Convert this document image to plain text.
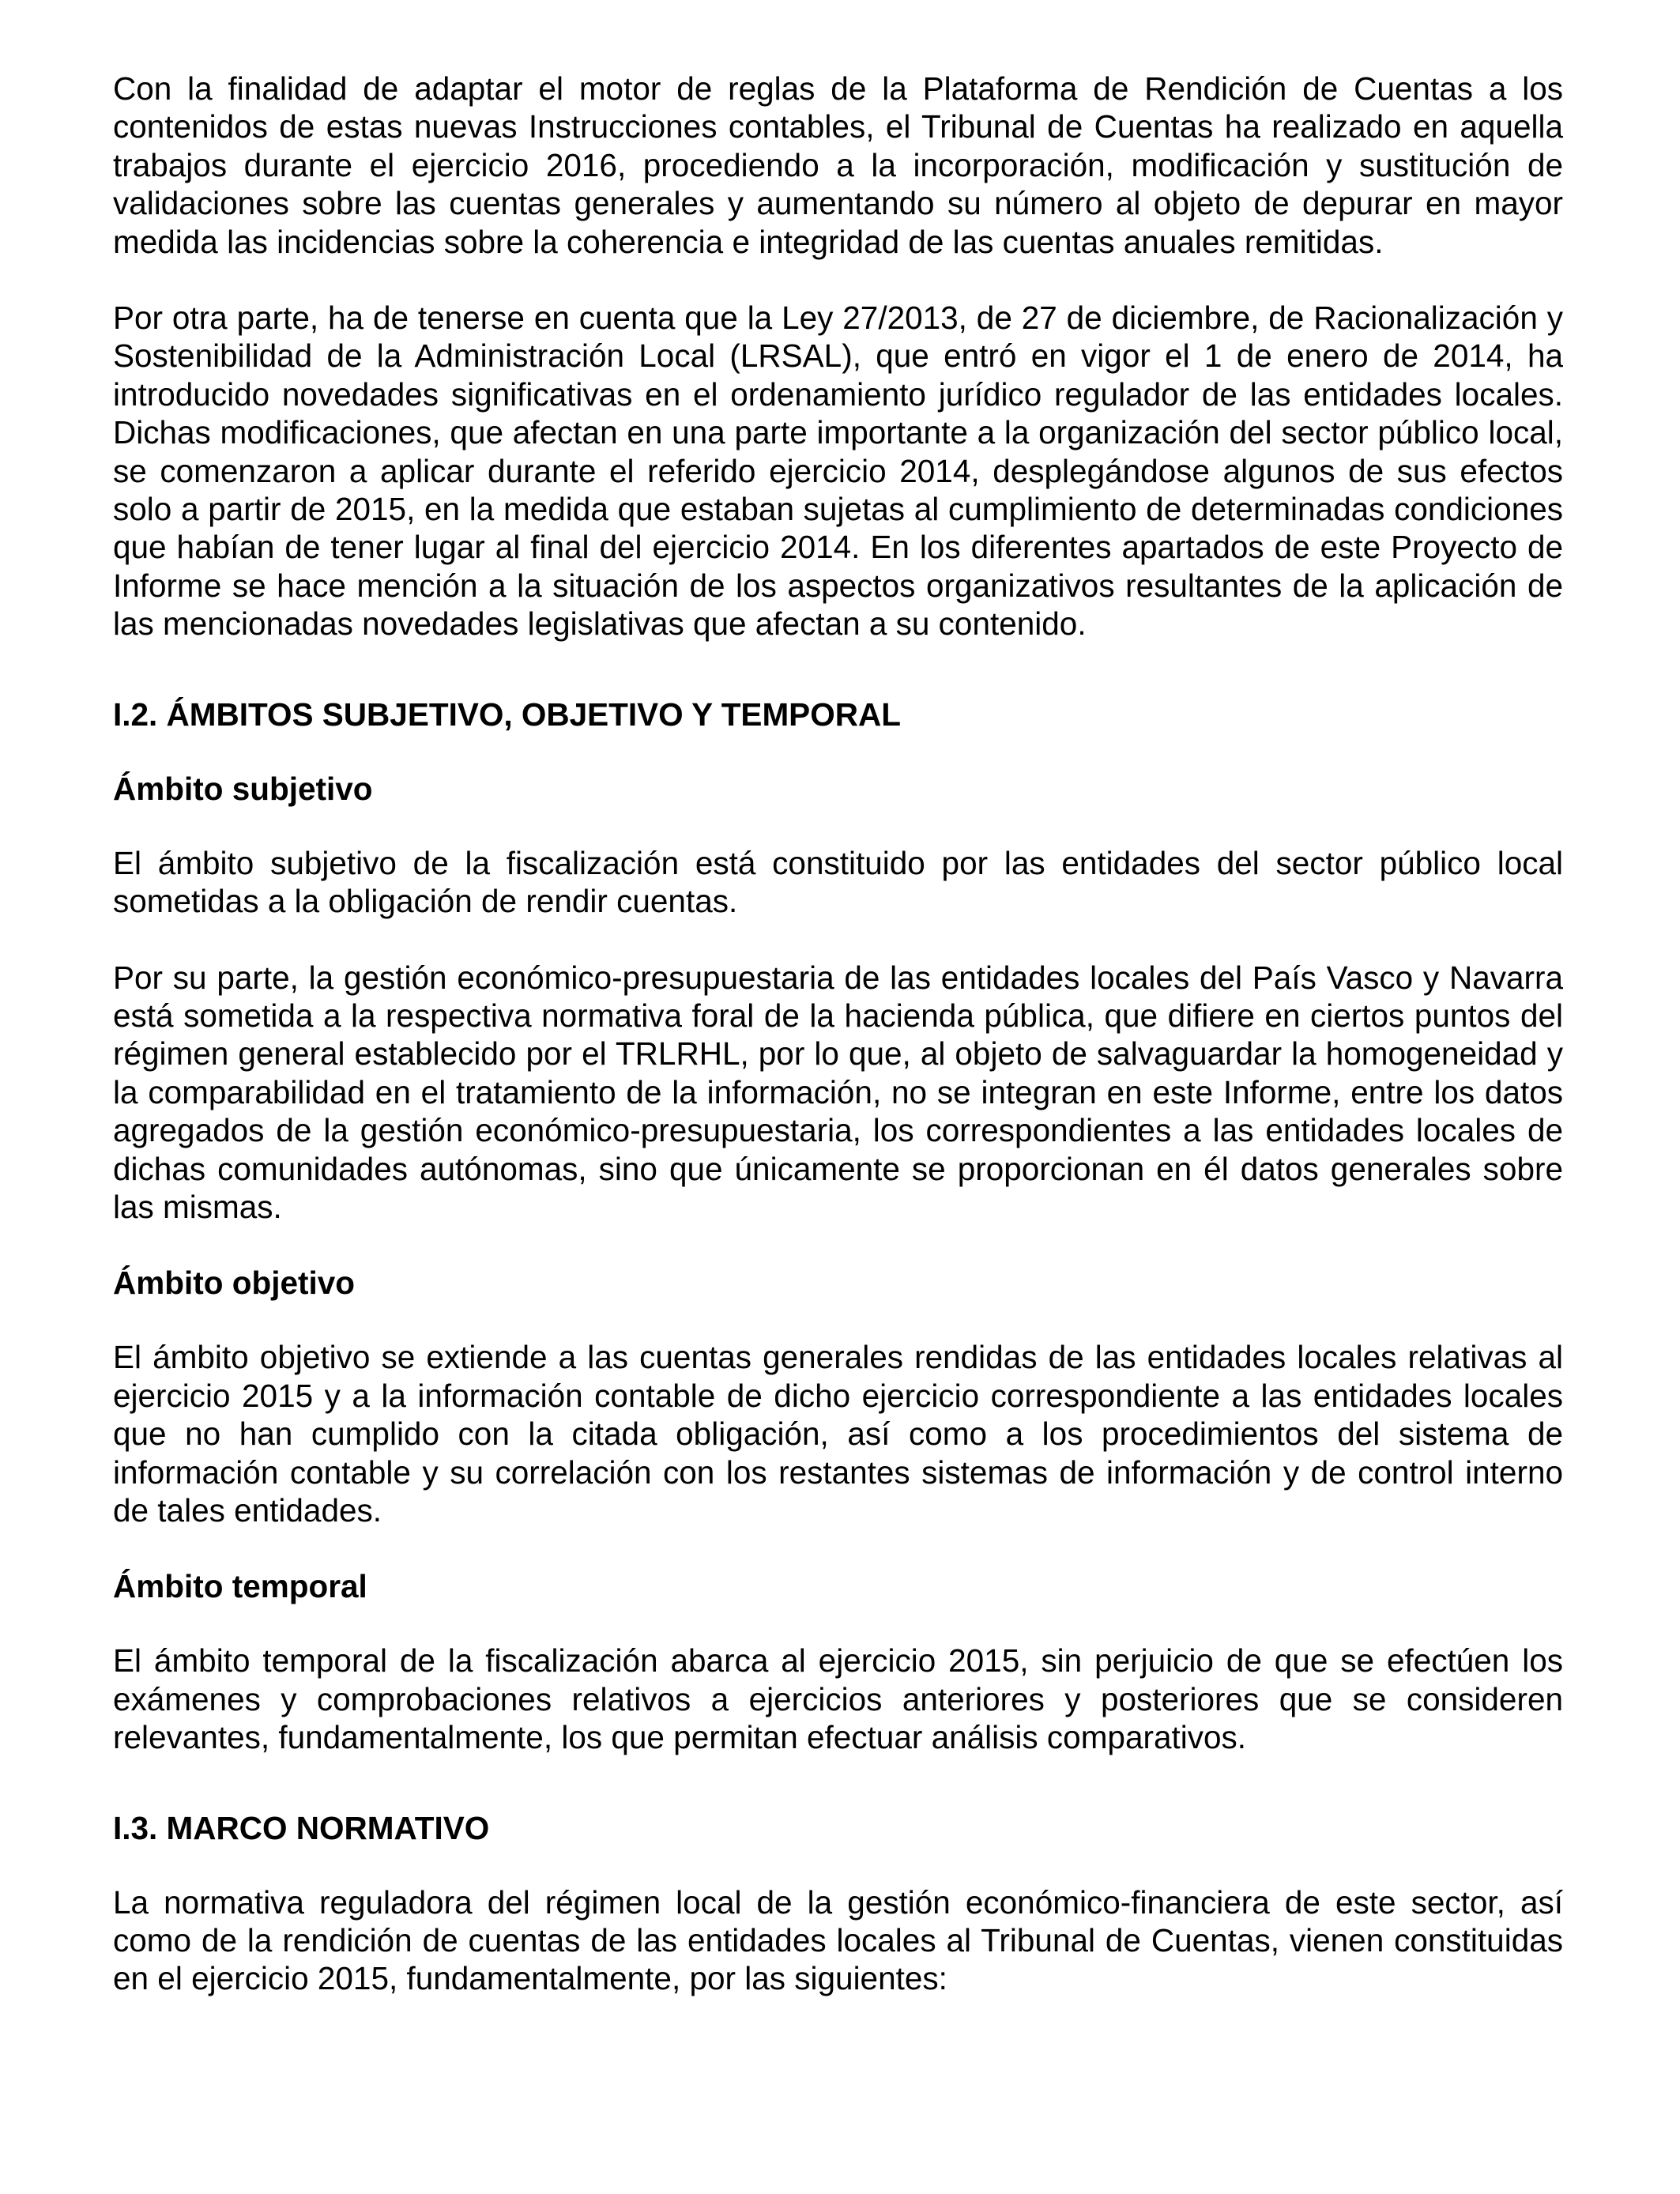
Con la finalidad de adaptar el motor de reglas de la Plataforma de Rendición de Cuentas a los contenidos de estas nuevas Instrucciones contables, el Tribunal de Cuentas ha realizado en aquella trabajos durante el ejercicio 2016, procediendo a la incorporación, modificación y sustitución de validaciones sobre las cuentas generales y aumentando su número al objeto de depurar en mayor medida las incidencias sobre la coherencia e integridad de las cuentas anuales remitidas.

Por otra parte, ha de tenerse en cuenta que la Ley 27/2013, de 27 de diciembre, de Racionalización y Sostenibilidad de la Administración Local (LRSAL), que entró en vigor el 1 de enero de 2014, ha introducido novedades significativas en el ordenamiento jurídico regulador de las entidades locales. Dichas modificaciones, que afectan en una parte importante a la organización del sector público local, se comenzaron a aplicar durante el referido ejercicio 2014, desplegándose algunos de sus efectos solo a partir de 2015, en la medida que estaban sujetas al cumplimiento de determinadas condiciones que habían de tener lugar al final del ejercicio 2014. En los diferentes apartados de este Proyecto de Informe se hace mención a la situación de los aspectos organizativos resultantes de la aplicación de las mencionadas novedades legislativas que afectan a su contenido.

I.2. ÁMBITOS SUBJETIVO, OBJETIVO Y TEMPORAL
Ámbito subjetivo

El ámbito subjetivo de la fiscalización está constituido por las entidades del sector público local sometidas a la obligación de rendir cuentas.

Por su parte, la gestión económico-presupuestaria de las entidades locales del País Vasco y Navarra está sometida a la respectiva normativa foral de la hacienda pública, que difiere en ciertos puntos del régimen general establecido por el TRLRHL, por lo que, al objeto de salvaguardar la homogeneidad y la comparabilidad en el tratamiento de la información, no se integran en este Informe, entre los datos agregados de la gestión económico-presupuestaria, los correspondientes a las entidades locales de dichas comunidades autónomas, sino que únicamente se proporcionan en él datos generales sobre las mismas.

Ámbito objetivo

El ámbito objetivo se extiende a las cuentas generales rendidas de las entidades locales relativas al ejercicio 2015 y a la información contable de dicho ejercicio correspondiente a las entidades locales que no han cumplido con la citada obligación, así como a los procedimientos del sistema de información contable y su correlación con los restantes sistemas de información y de control interno de tales entidades.

Ámbito temporal

El ámbito temporal de la fiscalización abarca al ejercicio 2015, sin perjuicio de que se efectúen los exámenes y comprobaciones relativos a ejercicios anteriores y posteriores que se consideren relevantes, fundamentalmente, los que permitan efectuar análisis comparativos.

I.3. MARCO NORMATIVO

La normativa reguladora del régimen local de la gestión económico-financiera de este sector, así como de la rendición de cuentas de las entidades locales al Tribunal de Cuentas, vienen constituidas en el ejercicio 2015, fundamentalmente, por las siguientes:
